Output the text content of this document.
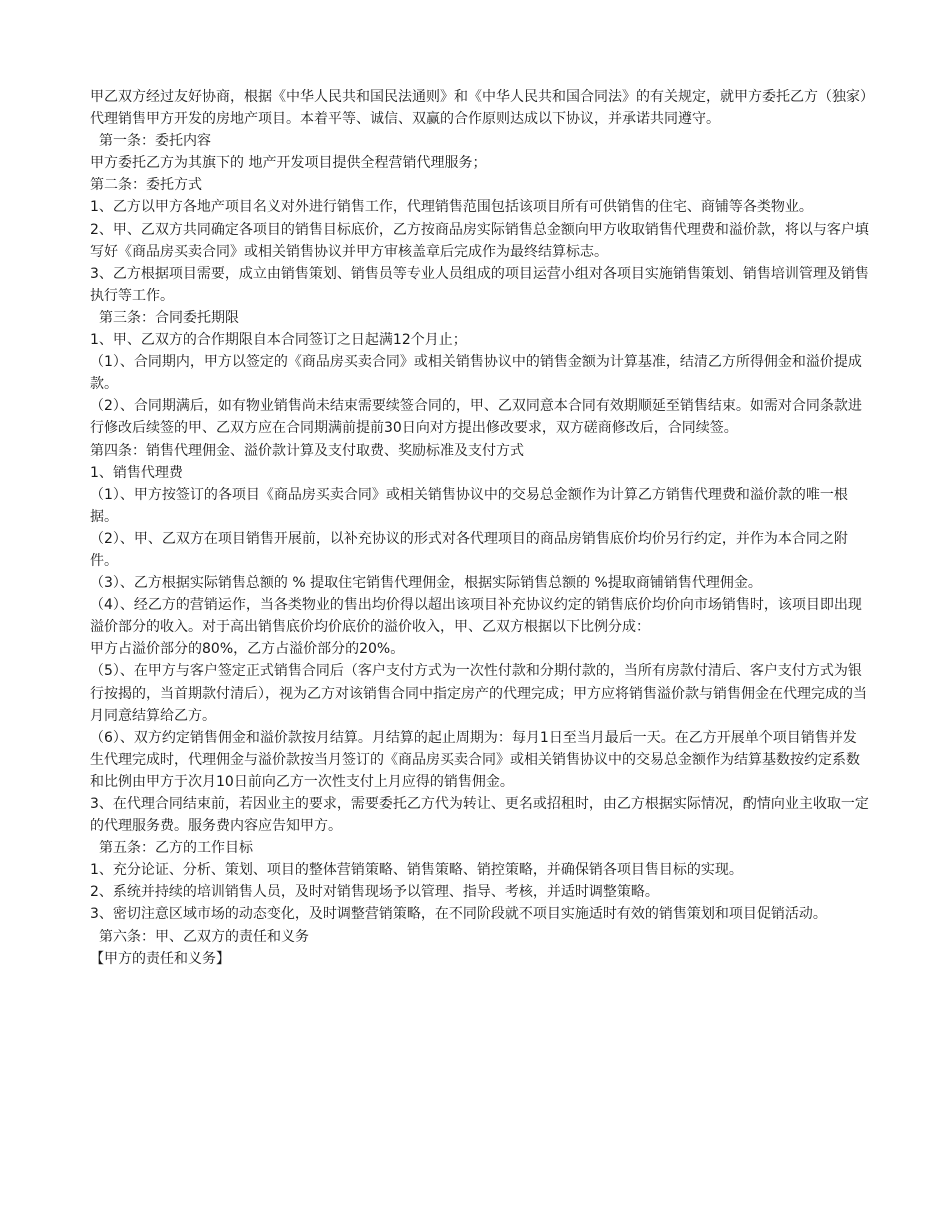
甲乙双方经过友好协商，根据《中华人民共和国民法通则》和《中华人民共和国合同法》的有关规定，就甲方委托乙方（独家）代理销售甲方开发的房地产项目。本着平等、诚信、双赢的合作原则达成以下协议，并承诺共同遵守。

第一条：委托内容

甲方委托乙方为其旗下的 地产开发项目提供全程营销代理服务；

第二条：委托方式

1、乙方以甲方各地产项目名义对外进行销售工作，代理销售范围包括该项目所有可供销售的住宅、商铺等各类物业。

2、甲、乙双方共同确定各项目的销售目标底价，乙方按商品房实际销售总金额向甲方收取销售代理费和溢价款，将以与客户填写好《商品房买卖合同》或相关销售协议并甲方审核盖章后完成作为最终结算标志。

3、乙方根据项目需要，成立由销售策划、销售员等专业人员组成的项目运营小组对各项目实施销售策划、销售培训管理及销售执行等工作。

第三条：合同委托期限

1、甲、乙双方的合作期限自本合同签订之日起满12个月止；

（1）、合同期内，甲方以签定的《商品房买卖合同》或相关销售协议中的销售金额为计算基准，结清乙方所得佣金和溢价提成款。

（2）、合同期满后，如有物业销售尚未结束需要续签合同的，甲、乙双同意本合同有效期顺延至销售结束。如需对合同条款进行修改后续签的甲、乙双方应在合同期满前提前30日向对方提出修改要求，双方磋商修改后，合同续签。

第四条：销售代理佣金、溢价款计算及支付取费、奖励标准及支付方式

1、销售代理费

（1）、甲方按签订的各项目《商品房买卖合同》或相关销售协议中的交易总金额作为计算乙方销售代理费和溢价款的唯一根据。

（2）、甲、乙双方在项目销售开展前，以补充协议的形式对各代理项目的商品房销售底价均价另行约定，并作为本合同之附件。

（3）、乙方根据实际销售总额的 % 提取住宅销售代理佣金，根据实际销售总额的 %提取商铺销售代理佣金。

（4）、经乙方的营销运作，当各类物业的售出均价得以超出该项目补充协议约定的销售底价均价向市场销售时，该项目即出现溢价部分的收入。对于高出销售底价均价底价的溢价收入，甲、乙双方根据以下比例分成：

甲方占溢价部分的80%，乙方占溢价部分的20%。

（5）、在甲方与客户签定正式销售合同后（客户支付方式为一次性付款和分期付款的，当所有房款付清后、客户支付方式为银行按揭的，当首期款付清后），视为乙方对该销售合同中指定房产的代理完成；甲方应将销售溢价款与销售佣金在代理完成的当月同意结算给乙方。

（6）、双方约定销售佣金和溢价款按月结算。月结算的起止周期为：每月1日至当月最后一天。在乙方开展单个项目销售并发生代理完成时，代理佣金与溢价款按当月签订的《商品房买卖合同》或相关销售协议中的交易总金额作为结算基数按约定系数和比例由甲方于次月10日前向乙方一次性支付上月应得的销售佣金。

3、在代理合同结束前，若因业主的要求，需要委托乙方代为转让、更名或招租时，由乙方根据实际情况，酌情向业主收取一定的代理服务费。服务费内容应告知甲方。

第五条：乙方的工作目标

1、充分论证、分析、策划、项目的整体营销策略、销售策略、销控策略，并确保销各项目售目标的实现。

2、系统并持续的培训销售人员，及时对销售现场予以管理、指导、考核，并适时调整策略。

3、密切注意区域市场的动态变化，及时调整营销策略，在不同阶段就不项目实施适时有效的销售策划和项目促销活动。

第六条：甲、乙双方的责任和义务

【甲方的责任和义务】
